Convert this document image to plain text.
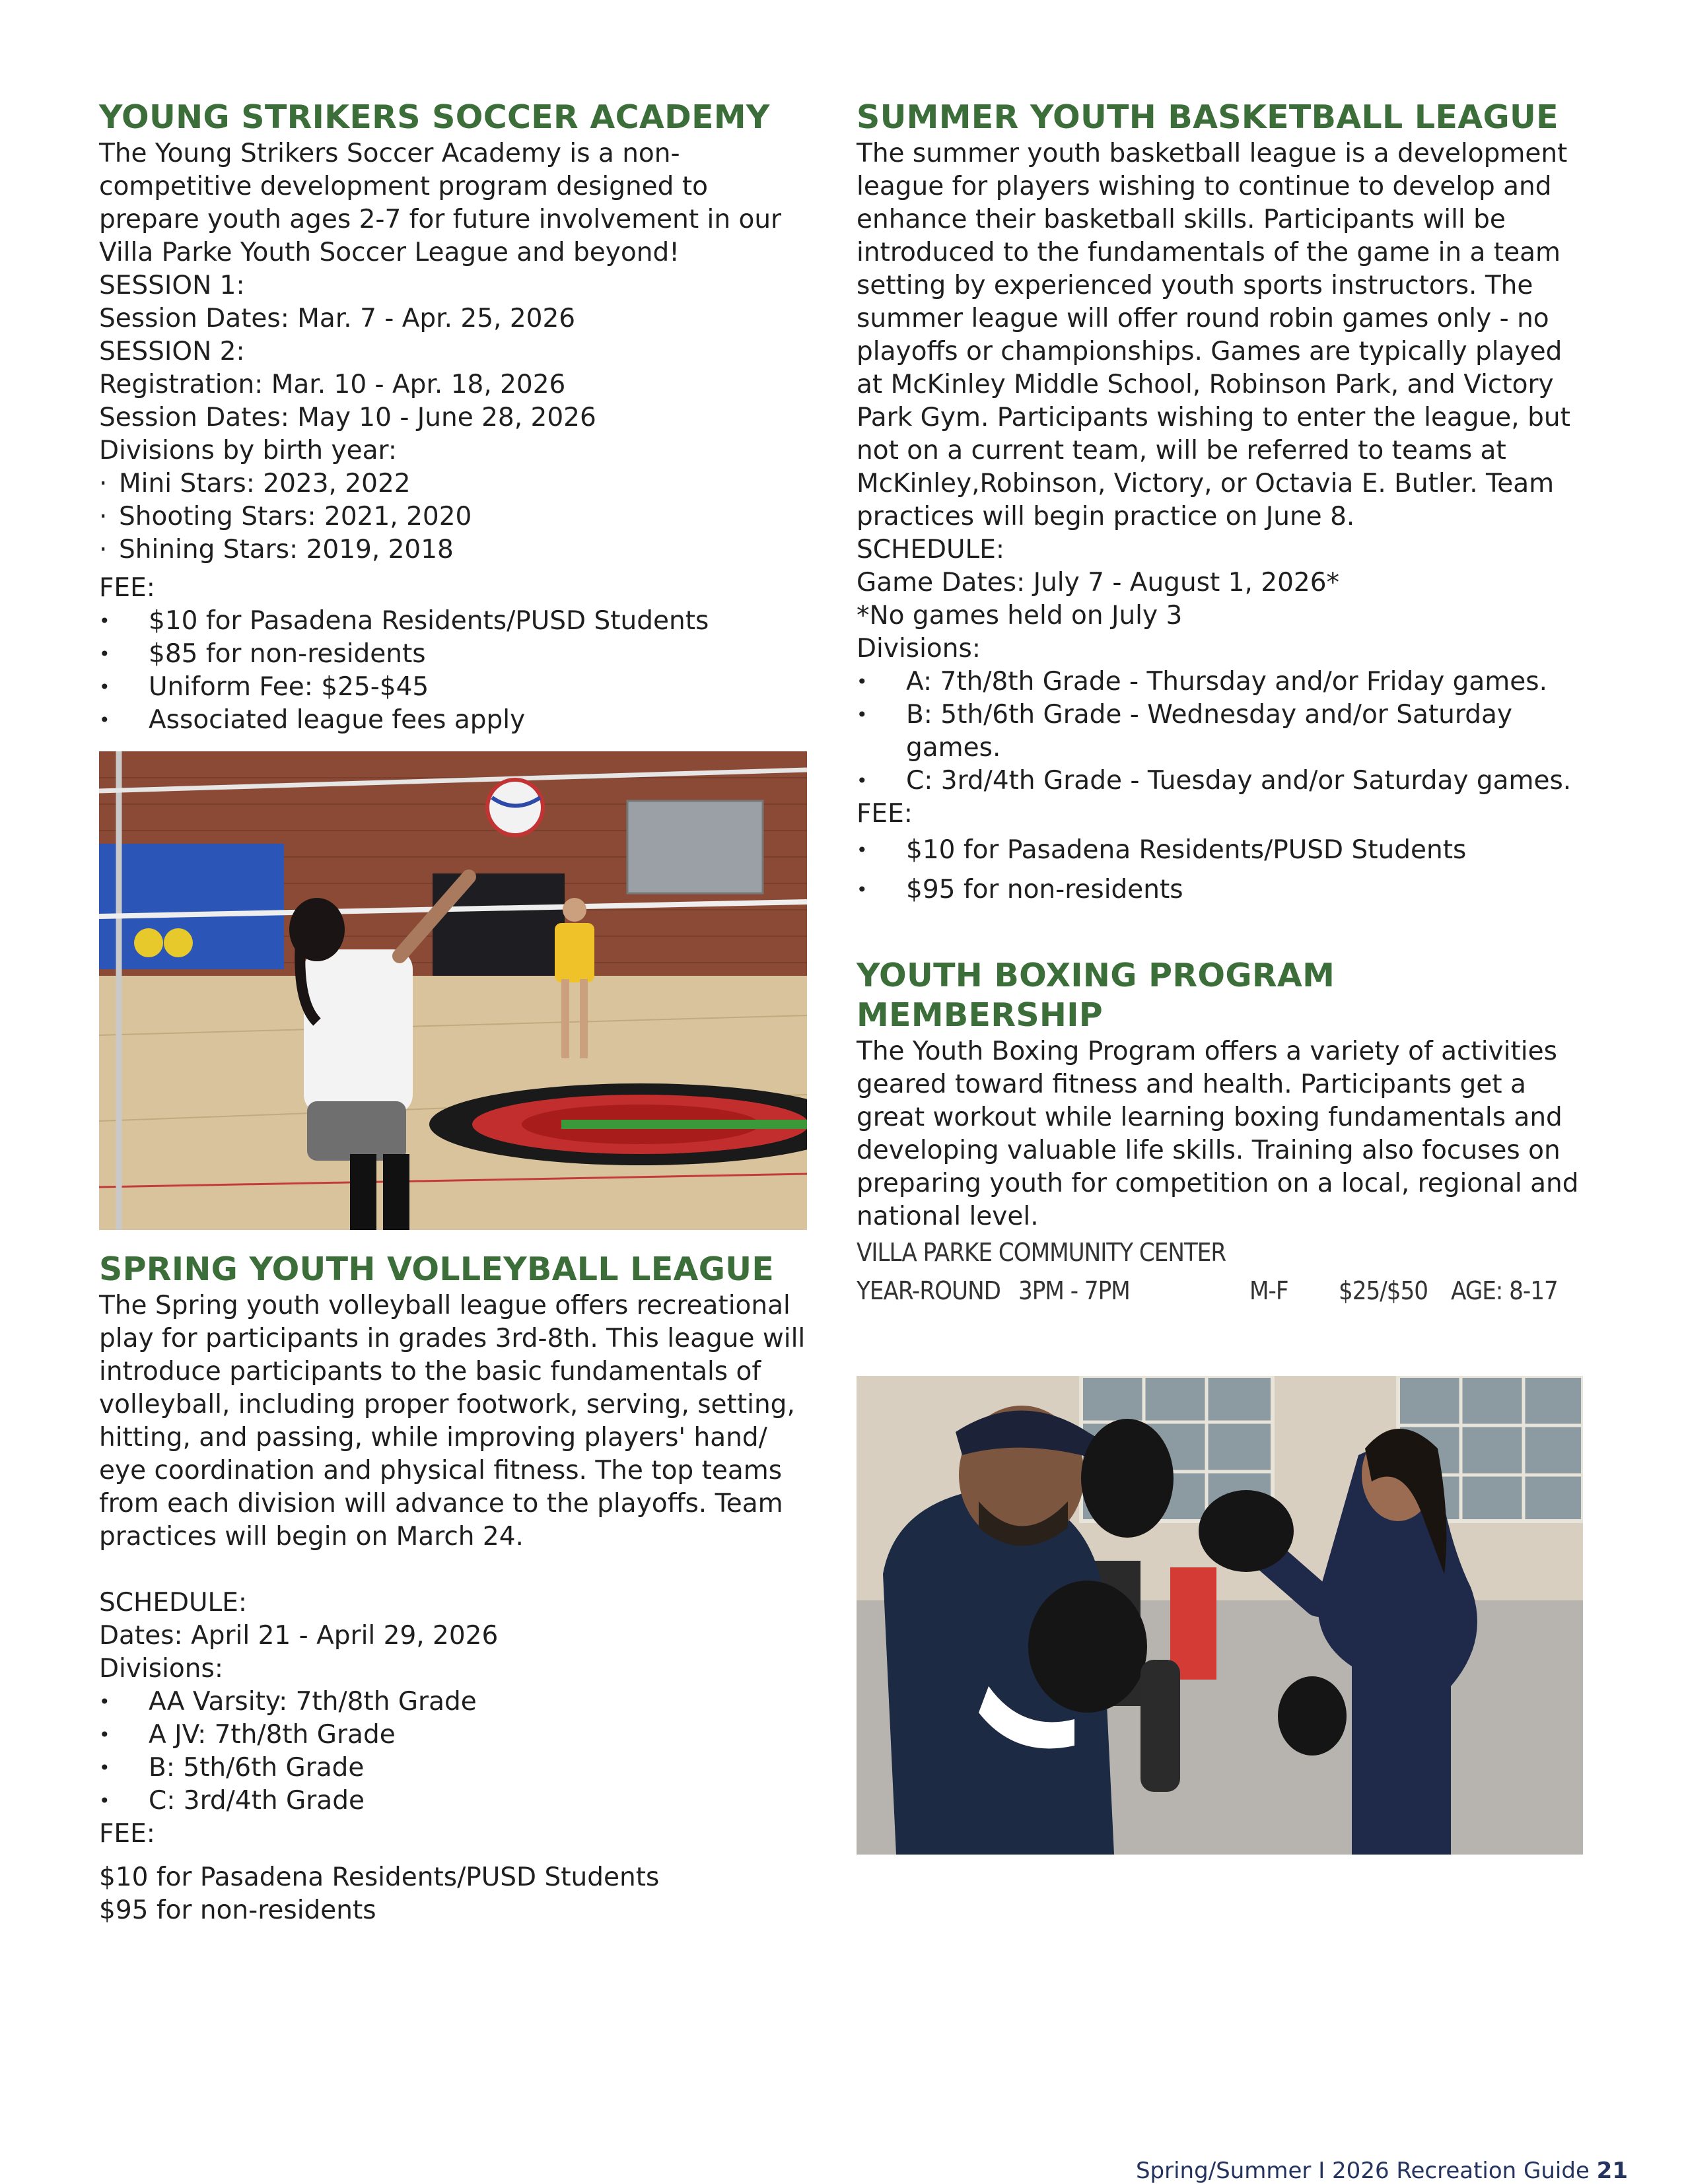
YOUNG STRIKERS SOCCER ACADEMY

The Young Strikers Soccer Academy is a non-competitive development program designed to prepare youth ages 2-7 for future involvement in our Villa Parke Youth Soccer League and beyond!

SESSION 1:
Session Dates: Mar. 7 - Apr. 25, 2026
SESSION 2:
Registration: Mar. 10 - Apr. 18, 2026
Session Dates: May 10 - June 28, 2026
Divisions by birth year:
· Mini Stars: 2023, 2022
· Shooting Stars: 2021, 2020
· Shining Stars: 2019, 2018
FEE:
• $10 for Pasadena Residents/PUSD Students
• $85 for non-residents
• Uniform Fee: $25-$45
• Associated league fees apply
SPRING YOUTH VOLLEYBALL LEAGUE

The Spring youth volleyball league offers recreational play for participants in grades 3rd-8th. This league will introduce participants to the basic fundamentals of volleyball, including proper footwork, serving, setting, hitting, and passing, while improving players' hand/ eye coordination and physical fitness. The top teams from each division will advance to the playoffs. Team practices will begin on March 24.

SCHEDULE:
Dates: April 21 - April 29, 2026
Divisions:
• AA Varsity: 7th/8th Grade
• A JV: 7th/8th Grade
• B: 5th/6th Grade
• C: 3rd/4th Grade
FEE:
$10 for Pasadena Residents/PUSD Students
$95 for non-residents
SUMMER YOUTH BASKETBALL LEAGUE

The summer youth basketball league is a development league for players wishing to continue to develop and enhance their basketball skills. Participants will be introduced to the fundamentals of the game in a team setting by experienced youth sports instructors. The summer league will offer round robin games only - no playoffs or championships. Games are typically played at McKinley Middle School, Robinson Park, and Victory Park Gym. Participants wishing to enter the league, but not on a current team, will be referred to teams at McKinley,Robinson, Victory, or Octavia E. Butler. Team practices will begin practice on June 8.

SCHEDULE:
Game Dates: July 7 - August 1, 2026*
*No games held on July 3
Divisions:
• A: 7th/8th Grade - Thursday and/or Friday games.
• B: 5th/6th Grade - Wednesday and/or Saturday games.
• C: 3rd/4th Grade - Tuesday and/or Saturday games.
FEE:
• $10 for Pasadena Residents/PUSD Students
• $95 for non-residents
YOUTH BOXING PROGRAM MEMBERSHIP

The Youth Boxing Program offers a variety of activities geared toward fitness and health. Participants get a great workout while learning boxing fundamentals and developing valuable life skills. Training also focuses on preparing youth for competition on a local, regional and national level.

VILLA PARKE COMMUNITY CENTER
YEAR-ROUND 3PM - 7PM	M-F	$25/$50 AGE: 8-17
Spring/Summer I 2026 Recreation Guide 21
